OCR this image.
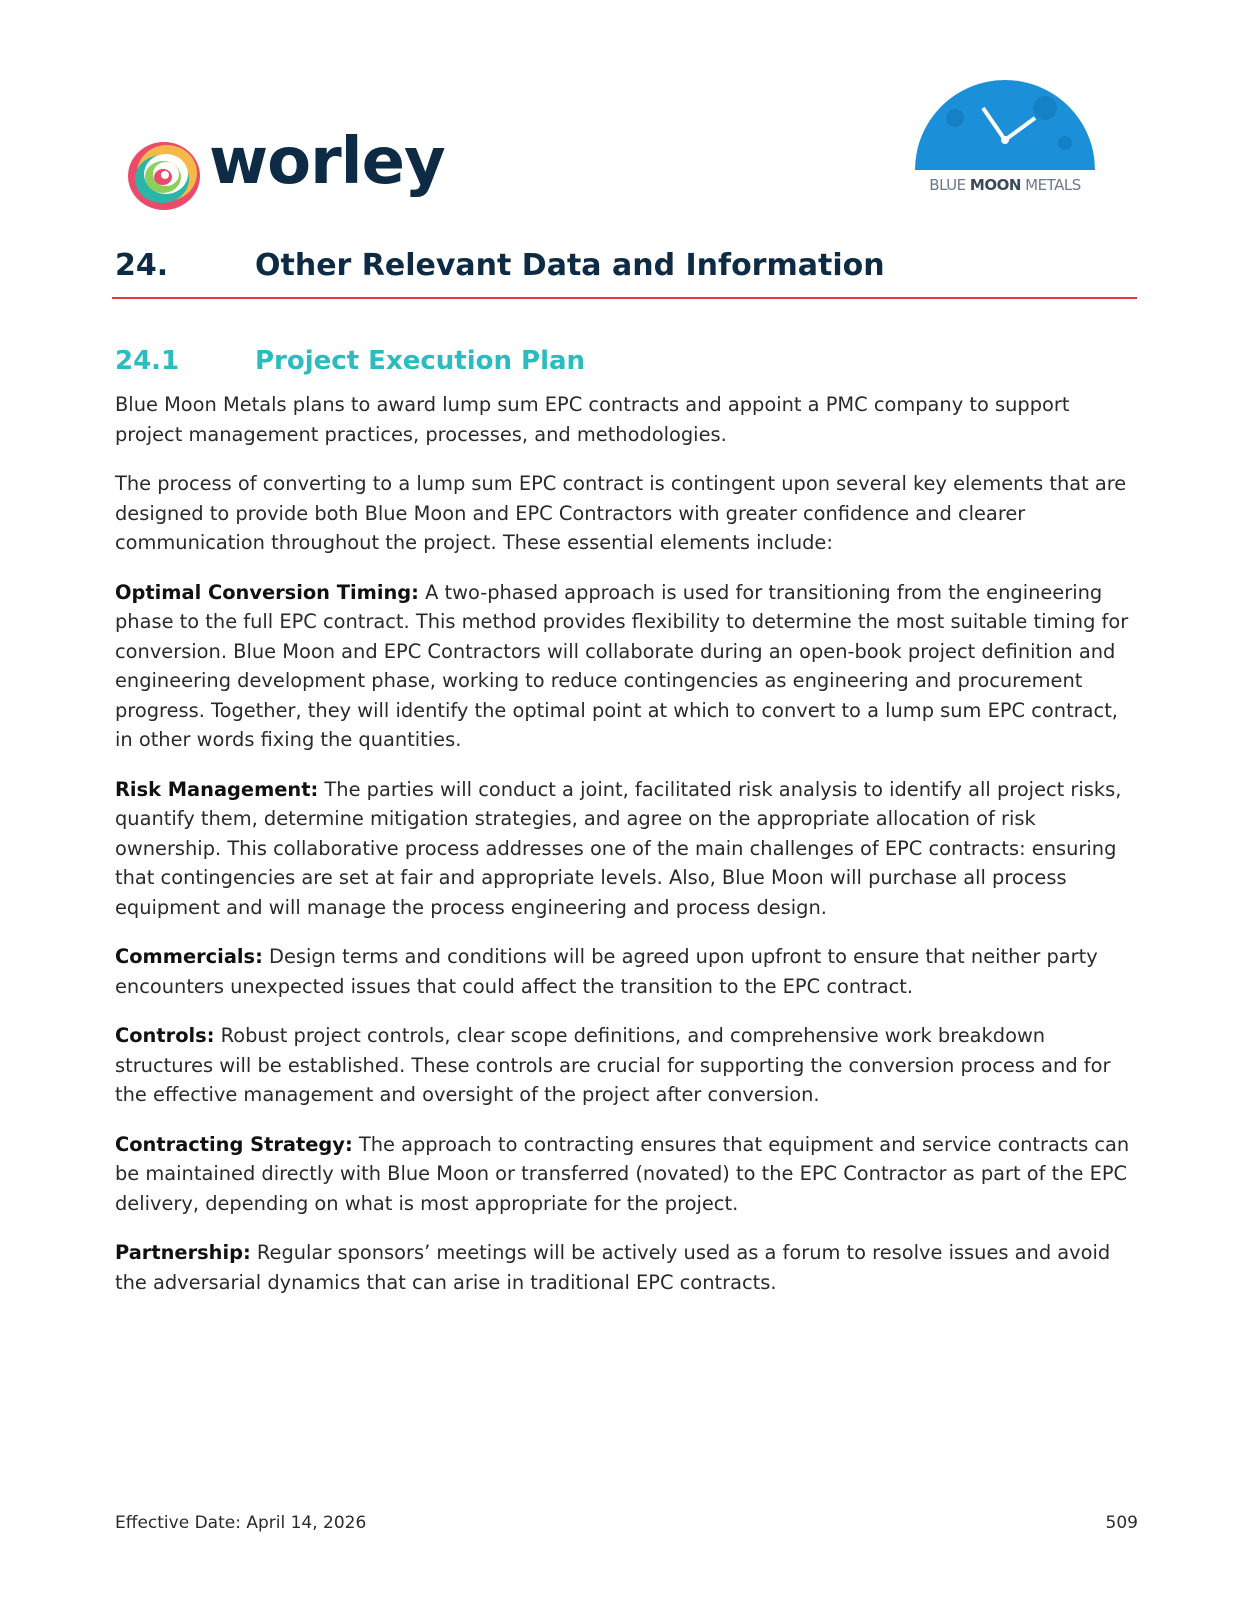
worley	BLUE MOON METALS
24.	Other Relevant Data and Information
24.1	Project Execution Plan

Blue Moon Metals plans to award lump sum EPC contracts and appoint a PMC company to support project management practices, processes, and methodologies.

The process of converting to a lump sum EPC contract is contingent upon several key elements that are designed to provide both Blue Moon and EPC Contractors with greater confidence and clearer communication throughout the project. These essential elements include:

Optimal Conversion Timing: A two-phased approach is used for transitioning from the engineering phase to the full EPC contract. This method provides flexibility to determine the most suitable timing for conversion. Blue Moon and EPC Contractors will collaborate during an open-book project definition and engineering development phase, working to reduce contingencies as engineering and procurement progress. Together, they will identify the optimal point at which to convert to a lump sum EPC contract, in other words fixing the quantities.

Risk Management: The parties will conduct a joint, facilitated risk analysis to identify all project risks, quantify them, determine mitigation strategies, and agree on the appropriate allocation of risk ownership. This collaborative process addresses one of the main challenges of EPC contracts: ensuring that contingencies are set at fair and appropriate levels. Also, Blue Moon will purchase all process equipment and will manage the process engineering and process design.

Commercials: Design terms and conditions will be agreed upon upfront to ensure that neither party encounters unexpected issues that could affect the transition to the EPC contract.

Controls: Robust project controls, clear scope definitions, and comprehensive work breakdown structures will be established. These controls are crucial for supporting the conversion process and for the effective management and oversight of the project after conversion.

Contracting Strategy: The approach to contracting ensures that equipment and service contracts can be maintained directly with Blue Moon or transferred (novated) to the EPC Contractor as part of the EPC delivery, depending on what is most appropriate for the project.

Partnership: Regular sponsors’ meetings will be actively used as a forum to resolve issues and avoid the adversarial dynamics that can arise in traditional EPC contracts.

Effective Date: April 14, 2026	509
